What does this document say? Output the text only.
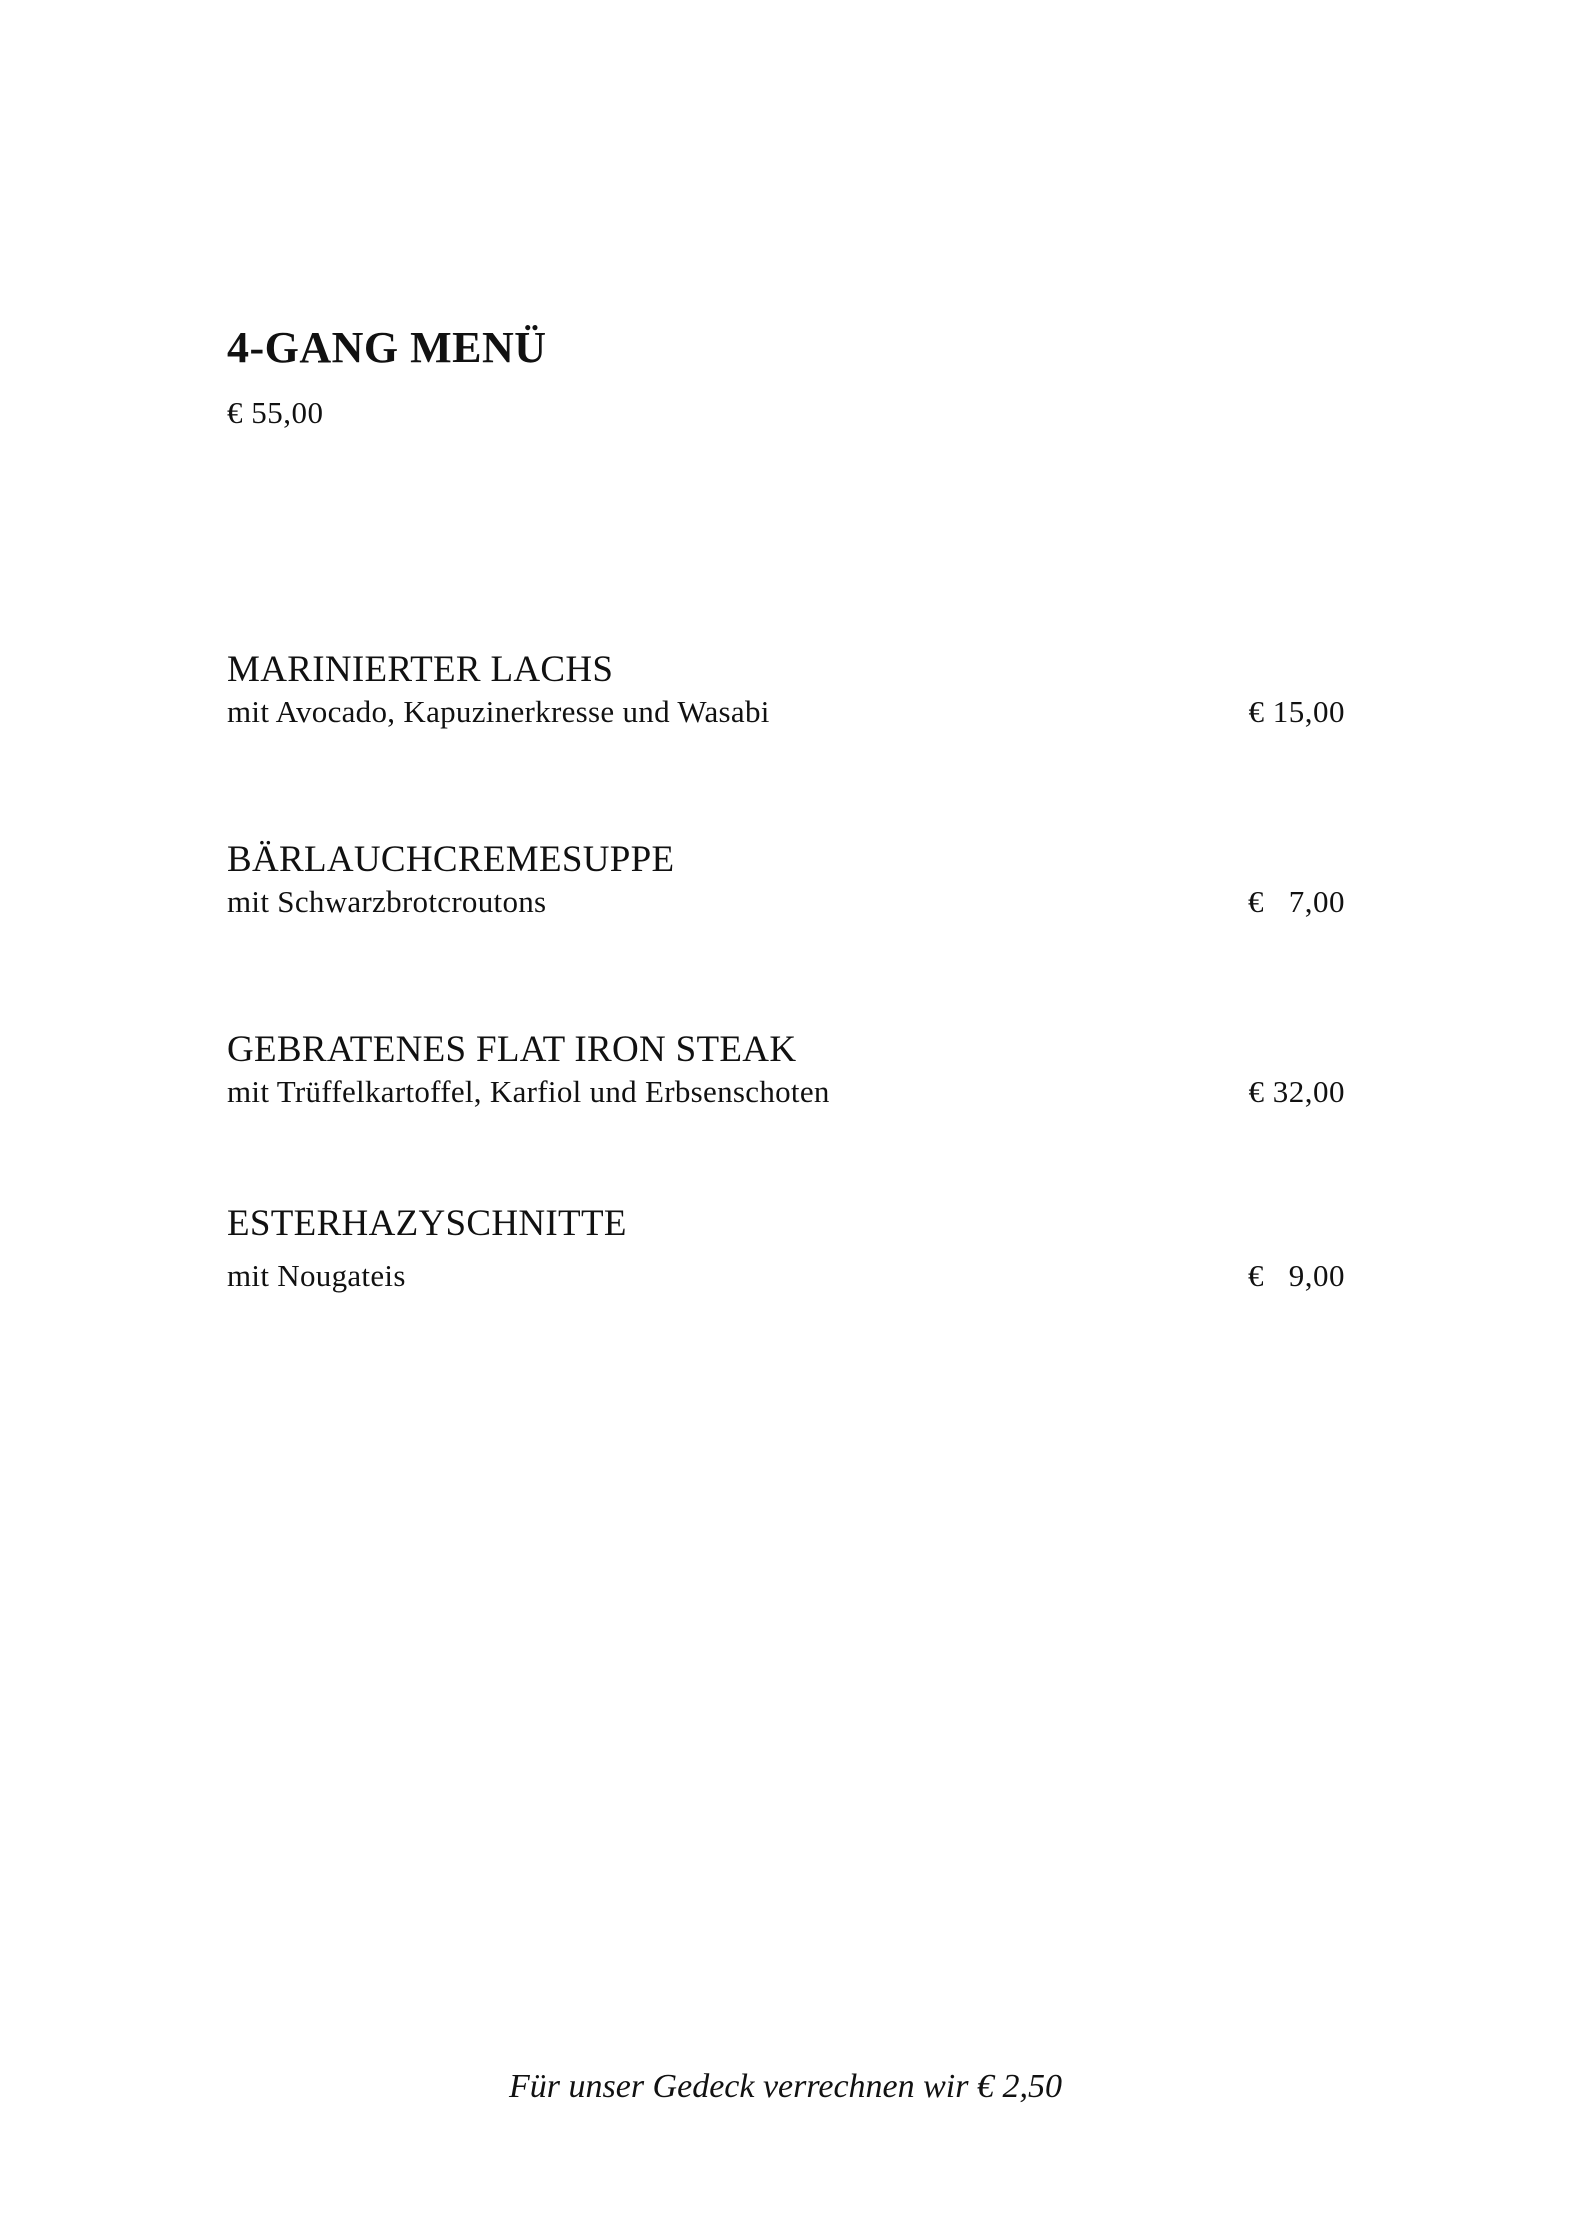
4-GANG MENÜ
€ 55,00
MARINIERTER LACHS
mit Avocado, Kapuzinerkresse und Wasabi	€ 15,00
BÄRLAUCHCREMESUPPE
mit Schwarzbrotcroutons	€   7,00
GEBRATENES FLAT IRON STEAK
mit Trüffelkartoffel, Karfiol und Erbsenschoten	€ 32,00
ESTERHAZYSCHNITTE
mit Nougateis	€   9,00
Für unser Gedeck verrechnen wir € 2,50
